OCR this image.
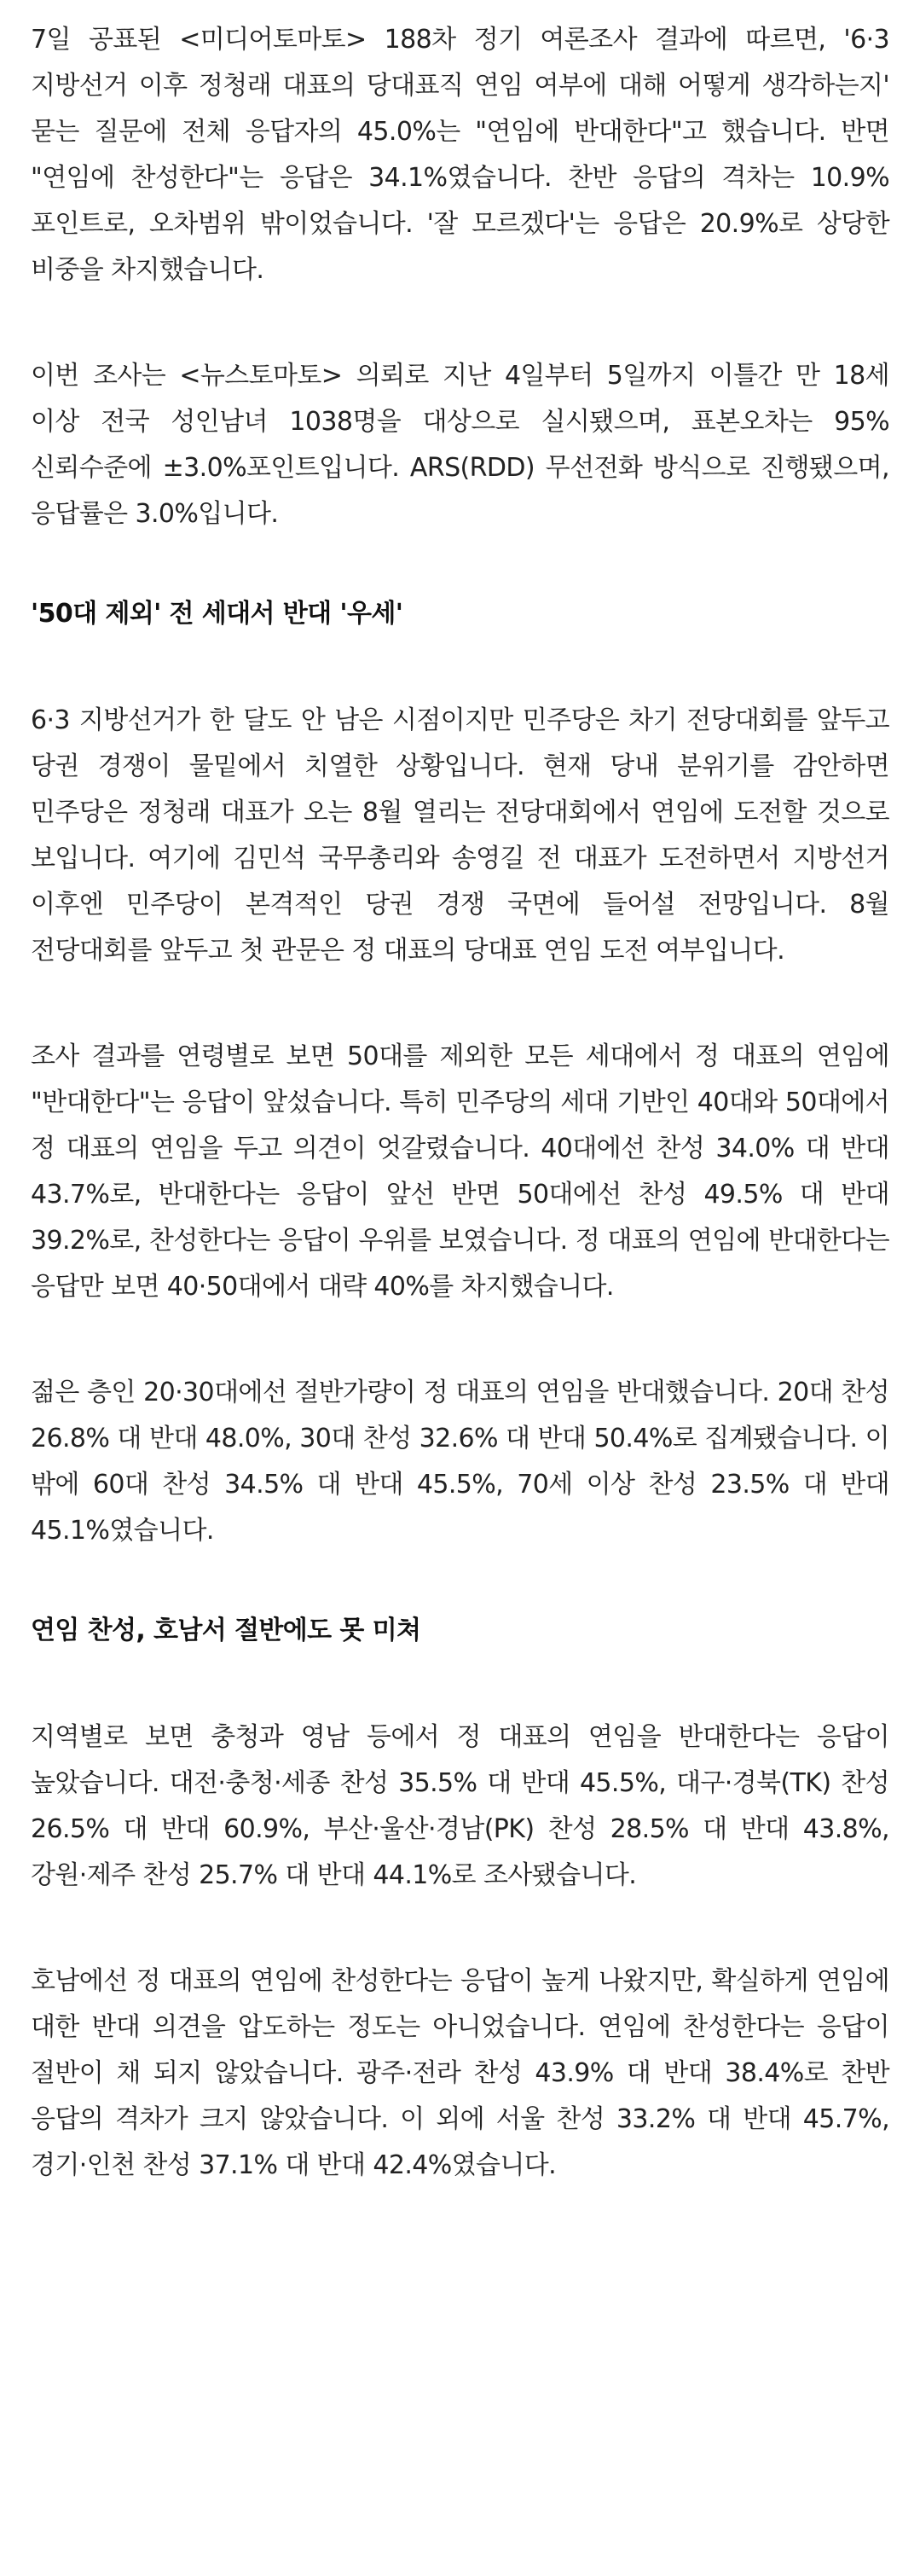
7일 공표된 <미디어토마토> 188차 정기 여론조사 결과에 따르면, '6·3 지방선거 이후 정청래 대표의 당대표직 연임 여부에 대해 어떻게 생각하는지' 묻는 질문에 전체 응답자의 45.0%는 "연임에 반대한다"고 했습니다. 반면 "연임에 찬성한다"는 응답은 34.1%였습니다. 찬반 응답의 격차는 10.9%포인트로, 오차범위 밖이었습니다. '잘 모르겠다'는 응답은 20.9%로 상당한 비중을 차지했습니다.

이번 조사는 <뉴스토마토> 의뢰로 지난 4일부터 5일까지 이틀간 만 18세 이상 전국 성인남녀 1038명을 대상으로 실시됐으며, 표본오차는 95% 신뢰수준에 ±3.0%포인트입니다. ARS(RDD) 무선전화 방식으로 진행됐으며, 응답률은 3.0%입니다.

'50대 제외' 전 세대서 반대 '우세'

6·3 지방선거가 한 달도 안 남은 시점이지만 민주당은 차기 전당대회를 앞두고 당권 경쟁이 물밑에서 치열한 상황입니다. 현재 당내 분위기를 감안하면 민주당은 정청래 대표가 오는 8월 열리는 전당대회에서 연임에 도전할 것으로 보입니다. 여기에 김민석 국무총리와 송영길 전 대표가 도전하면서 지방선거 이후엔 민주당이 본격적인 당권 경쟁 국면에 들어설 전망입니다. 8월 전당대회를 앞두고 첫 관문은 정 대표의 당대표 연임 도전 여부입니다.

조사 결과를 연령별로 보면 50대를 제외한 모든 세대에서 정 대표의 연임에 "반대한다"는 응답이 앞섰습니다. 특히 민주당의 세대 기반인 40대와 50대에서 정 대표의 연임을 두고 의견이 엇갈렸습니다. 40대에선 찬성 34.0% 대 반대 43.7%로, 반대한다는 응답이 앞선 반면 50대에선 찬성 49.5% 대 반대 39.2%로, 찬성한다는 응답이 우위를 보였습니다. 정 대표의 연임에 반대한다는 응답만 보면 40·50대에서 대략 40%를 차지했습니다.

젊은 층인 20·30대에선 절반가량이 정 대표의 연임을 반대했습니다. 20대 찬성 26.8% 대 반대 48.0%, 30대 찬성 32.6% 대 반대 50.4%로 집계됐습니다. 이 밖에 60대 찬성 34.5% 대 반대 45.5%, 70세 이상 찬성 23.5% 대 반대 45.1%였습니다.

연임 찬성, 호남서 절반에도 못 미쳐

지역별로 보면 충청과 영남 등에서 정 대표의 연임을 반대한다는 응답이 높았습니다. 대전·충청·세종 찬성 35.5% 대 반대 45.5%, 대구·경북(TK) 찬성 26.5% 대 반대 60.9%, 부산·울산·경남(PK) 찬성 28.5% 대 반대 43.8%, 강원·제주 찬성 25.7% 대 반대 44.1%로 조사됐습니다.

호남에선 정 대표의 연임에 찬성한다는 응답이 높게 나왔지만, 확실하게 연임에 대한 반대 의견을 압도하는 정도는 아니었습니다. 연임에 찬성한다는 응답이 절반이 채 되지 않았습니다. 광주·전라 찬성 43.9% 대 반대 38.4%로 찬반 응답의 격차가 크지 않았습니다. 이 외에 서울 찬성 33.2% 대 반대 45.7%, 경기·인천 찬성 37.1% 대 반대 42.4%였습니다.
